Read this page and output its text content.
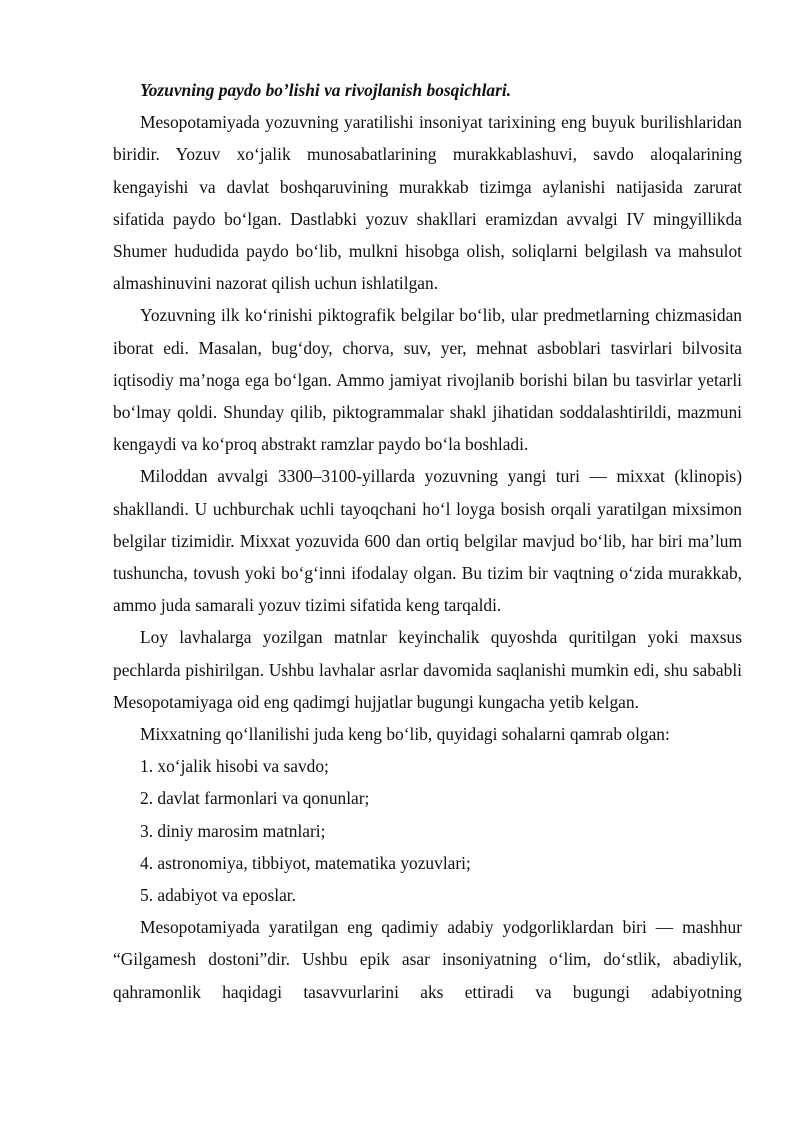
Yozuvning paydo bo’lishi va rivojlanish bosqichlari.

Mesopotamiyada yozuvning yaratilishi insoniyat tarixining eng buyuk burilishlaridan biridir. Yozuv xo‘jalik munosabatlarining murakkablashuvi, savdo aloqalarining kengayishi va davlat boshqaruvining murakkab tizimga aylanishi natijasida zarurat sifatida paydo bo‘lgan. Dastlabki yozuv shakllari eramizdan avvalgi IV mingyillikda Shumer hududida paydo bo‘lib, mulkni hisobga olish, soliqlarni belgilash va mahsulot almashinuvini nazorat qilish uchun ishlatilgan.

Yozuvning ilk ko‘rinishi piktografik belgilar bo‘lib, ular predmetlarning chizmasidan iborat edi. Masalan, bug‘doy, chorva, suv, yer, mehnat asboblari tasvirlari bilvosita iqtisodiy ma’noga ega bo‘lgan. Ammo jamiyat rivojlanib borishi bilan bu tasvirlar yetarli bo‘lmay qoldi. Shunday qilib, piktogrammalar shakl jihatidan soddalashtirildi, mazmuni kengaydi va ko‘proq abstrakt ramzlar paydo bo‘la boshladi.

Miloddan avvalgi 3300–3100-yillarda yozuvning yangi turi — mixxat (klinopis) shakllandi. U uchburchak uchli tayoqchani ho‘l loyga bosish orqali yaratilgan mixsimon belgilar tizimidir. Mixxat yozuvida 600 dan ortiq belgilar mavjud bo‘lib, har biri ma’lum tushuncha, tovush yoki bo‘g‘inni ifodalay olgan. Bu tizim bir vaqtning o‘zida murakkab, ammo juda samarali yozuv tizimi sifatida keng tarqaldi.

Loy lavhalarga yozilgan matnlar keyinchalik quyoshda quritilgan yoki maxsus pechlarda pishirilgan. Ushbu lavhalar asrlar davomida saqlanishi mumkin edi, shu sababli Mesopotamiyaga oid eng qadimgi hujjatlar bugungi kungacha yetib kelgan.

Mixxatning qo‘llanilishi juda keng bo‘lib, quyidagi sohalarni qamrab olgan:

1. xo‘jalik hisobi va savdo;
2. davlat farmonlari va qonunlar;
3. diniy marosim matnlari;
4. astronomiya, tibbiyot, matematika yozuvlari;
5. adabiyot va eposlar.

Mesopotamiyada yaratilgan eng qadimiy adabiy yodgorliklardan biri — mashhur “Gilgamesh dostoni”dir. Ushbu epik asar insoniyatning o‘lim, do‘stlik, abadiylik, qahramonlik haqidagi tasavvurlarini aks ettiradi va bugungi adabiyotning
